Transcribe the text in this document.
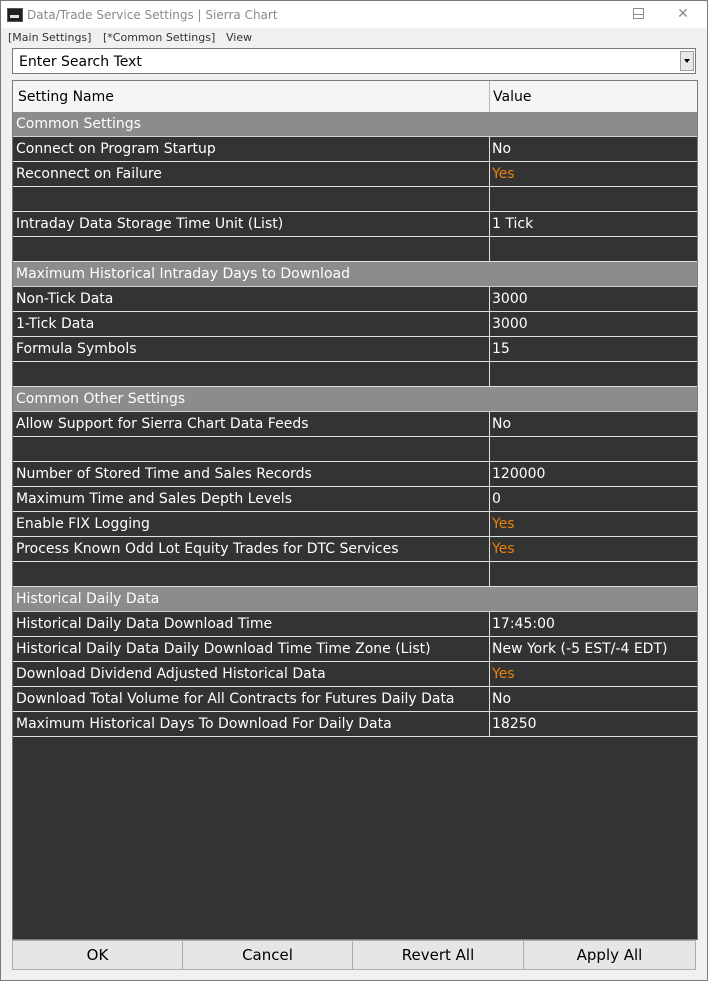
Data/Trade Service Settings | Sierra Chart
[Main Settings] [*Common Settings] View
Enter Search Text
Setting Name	Value
Common Settings
Connect on Program Startup	No
Reconnect on Failure	Yes
Intraday Data Storage Time Unit (List)	1 Tick
Maximum Historical Intraday Days to Download
Non-Tick Data	3000
1-Tick Data	3000
Formula Symbols	15
Common Other Settings
Allow Support for Sierra Chart Data Feeds	No
Number of Stored Time and Sales Records	120000
Maximum Time and Sales Depth Levels	0
Enable FIX Logging	Yes
Process Known Odd Lot Equity Trades for DTC Services	Yes
Historical Daily Data
Historical Daily Data Download Time	17:45:00
Historical Daily Data Daily Download Time Time Zone (List)	New York (-5 EST/-4 EDT)
Download Dividend Adjusted Historical Data	Yes
Download Total Volume for All Contracts for Futures Daily Data	No
Maximum Historical Days To Download For Daily Data	18250
OK	Cancel	Revert All	Apply All
✕
